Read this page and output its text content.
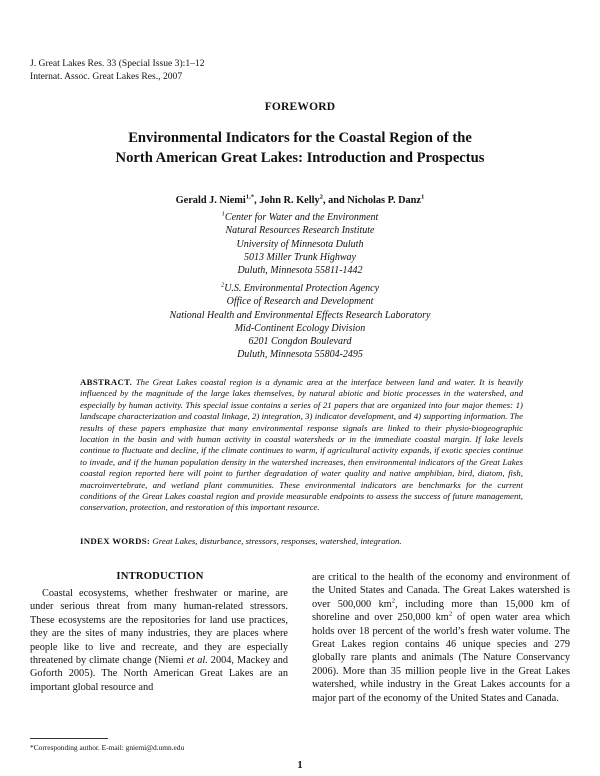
J. Great Lakes Res. 33 (Special Issue 3):1–12
Internat. Assoc. Great Lakes Res., 2007
FOREWORD
Environmental Indicators for the Coastal Region of the
North American Great Lakes: Introduction and Prospectus
Gerald J. Niemi$^{1,*}$, John R. Kelly$^2$, and Nicholas P. Danz$^1$
$^1$Center for Water and the Environment
Natural Resources Research Institute
University of Minnesota Duluth
5013 Miller Trunk Highway
Duluth, Minnesota 55811-1442
$^2$U.S. Environmental Protection Agency
Office of Research and Development
National Health and Environmental Effects Research Laboratory
Mid-Continent Ecology Division
6201 Congdon Boulevard
Duluth, Minnesota 55804-2495
ABSTRACT. The Great Lakes coastal region is a dynamic area at the interface between land and water. It is heavily influenced by the magnitude of the large lakes themselves, by natural abiotic and biotic processes in the watershed, and especially by human activity. This special issue contains a series of 21 papers that are organized into four major themes: 1) landscape characterization and coastal linkage, 2) integration, 3) indicator development, and 4) supporting information. The results of these papers emphasize that many environmental response signals are linked to their physio-biogeographic location in the basin and with human activity in coastal watersheds or in the immediate coastal margin. If lake levels continue to fluctuate and decline, if the climate continues to warm, if agricultural activity expands, if exotic species continue to invade, and if the human population density in the watershed increases, then environmental indicators of the Great Lakes coastal region reported here will point to further degradation of water quality and native amphibian, bird, diatom, fish, macroinvertebrate, and wetland plant communities. These environmental indicators are benchmarks for the current conditions of the Great Lakes coastal region and provide measurable endpoints to assess the success of future management, conservation, protection, and restoration of this important resource.
INDEX WORDS: Great Lakes, disturbance, stressors, responses, watershed, integration.
INTRODUCTION
Coastal ecosystems, whether freshwater or marine, are under serious threat from many human-related stressors. These ecosystems are the repositories for land use practices, they are the sites of many industries, they are places where people like to live and recreate, and they are especially threatened by climate change (Niemi et al. 2004, Mackey and Goforth 2005). The North American Great Lakes are an important global resource and
are critical to the health of the economy and environment of the United States and Canada. The Great Lakes watershed is over 500,000 $km^2$, including more than 15,000 km of shoreline and over 250,000 $km^2$ of open water area which holds over 18 percent of the world’s fresh water volume. The Great Lakes region contains 46 unique species and 279 globally rare plants and animals (The Nature Conservancy 2006). More than 35 million people live in the Great Lakes watershed, while industry in the Great Lakes accounts for a major part of the economy of the United States and Canada.
*Corresponding author. E-mail: gniemi@d.umn.edu
1
